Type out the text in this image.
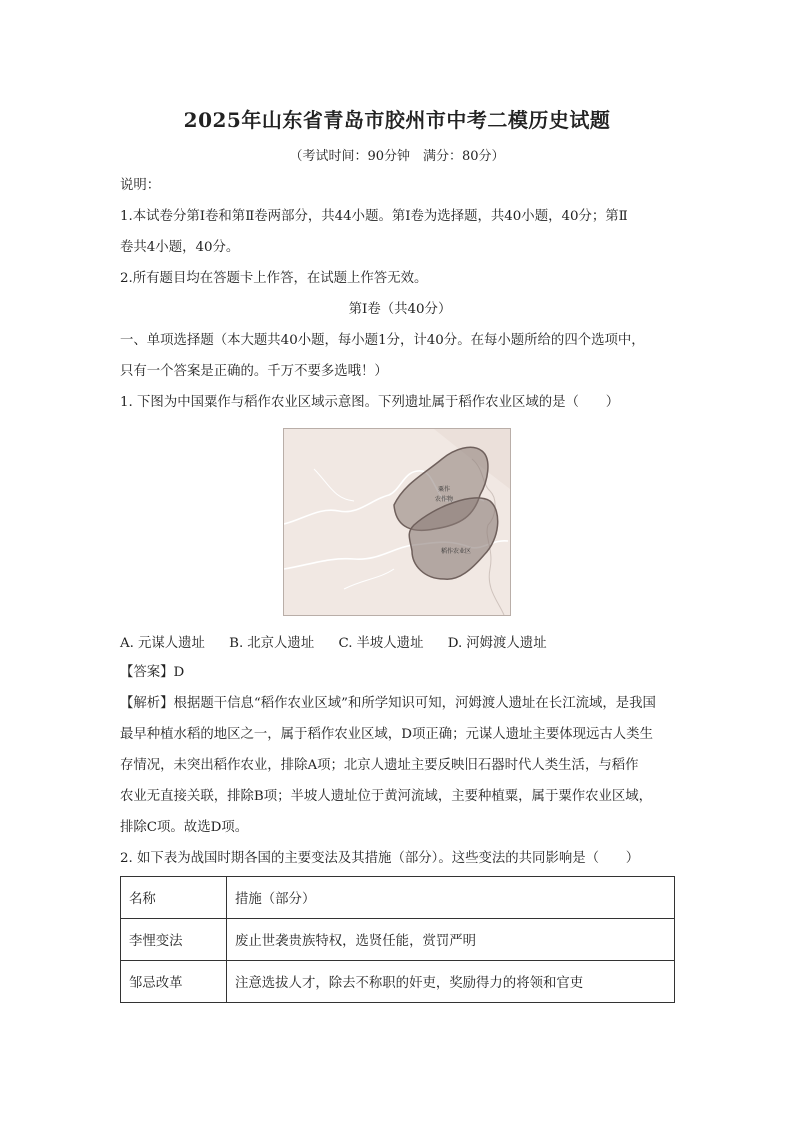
2025年山东省青岛市胶州市中考二模历史试题
（考试时间：90分钟　满分：80分）
说明：
1.本试卷分第Ⅰ卷和第Ⅱ卷两部分，共44小题。第Ⅰ卷为选择题，共40小题，40分；第Ⅱ
卷共4小题，40分。
2.所有题目均在答题卡上作答，在试题上作答无效。
第Ⅰ卷（共40分）
一、单项选择题（本大题共40小题，每小题1分，计40分。在每小题所给的四个选项中，
只有一个答案是正确的。千万不要多选哦！）
1. 下图为中国粟作与稻作农业区域示意图。下列遗址属于稻作农业区域的是（　　）
粟作
农作物
稻作农业区
A. 元谋人遗址 B. 北京人遗址 C. 半坡人遗址 D. 河姆渡人遗址
【答案】D
【解析】根据题干信息“稻作农业区域”和所学知识可知，河姆渡人遗址在长江流域，是我国
最早种植水稻的地区之一，属于稻作农业区域，D项正确；元谋人遗址主要体现远古人类生
存情况，未突出稻作农业，排除A项；北京人遗址主要反映旧石器时代人类生活，与稻作
农业无直接关联，排除B项；半坡人遗址位于黄河流域，主要种植粟，属于粟作农业区域，
排除C项。故选D项。
2. 如下表为战国时期各国的主要变法及其措施（部分）。这些变法的共同影响是（　　）
名称	措施（部分）
李悝变法	废止世袭贵族特权，选贤任能，赏罚严明
邹忌改革	注意选拔人才，除去不称职的奸吏，奖励得力的将领和官吏
